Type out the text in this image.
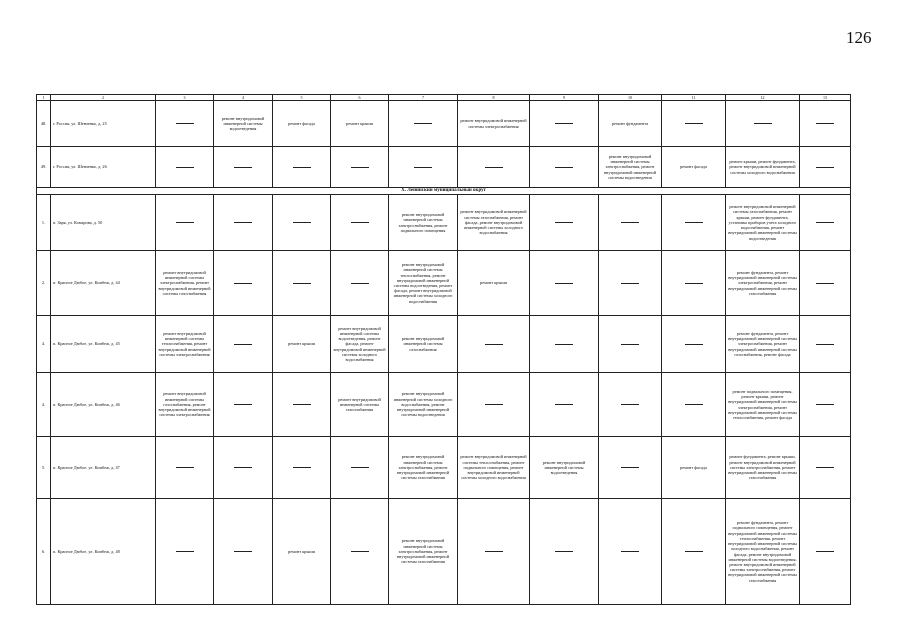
126
1	2	3	4	5	6	7	8	9	10	11	12	13
48.	г. Россия, ул. Шевченко, д. 25		ремонт внутридомовой инженерной системы водоотведения	ремонт фасада	ремонт крыши		ремонт внутридомовой инженерной системы электроснабжения		ремонт фундамента			
49.	г. Россия, ул. Шевченко, д. 26								ремонт внутридомовой инженерной системы электроснабжения, ремонт внутридомовой инженерной системы водоотведения	ремонт фасада	ремонт крыши, ремонт фундамента, ремонт внутридомовой инженерной системы холодного водоснабжения	
X. Ленинский муниципальный округ												
1.	п. Заря, ул. Комарова, д. 50					ремонт внутридомовой инженерной системы электроснабжения, ремонт подвального помещения	ремонт внутридомовой инженерной системы газоснабжения, ремонт фасада, ремонт внутридомовой инженерной системы холодного водоснабжения				ремонт внутридомовой инженерной системы газоснабжения, ремонт крыши, ремонт фундамента, установка приборов учета холодного водоснабжения, ремонт внутридомовой инженерной системы водоотведения	
2.	п. Красное Дюбое, ул. Комбеж, д. 44	ремонт внутридомовой инженерной системы электроснабжения, ремонт внутридомовой инженерной системы газоснабжения				ремонт внутридомовой инженерной системы теплоснабжения, ремонт внутридомовой инженерной системы водоотведения, ремонт фасада, ремонт внутридомовой инженерной системы холодного водоснабжения	ремонт крыши				ремонт фундамента, ремонт внутридомовой инженерной системы электроснабжения, ремонт внутридомовой инженерной системы газоснабжения	
4.	п. Красное Дюбое, ул. Комбеж, д. 45	ремонт внутридомовой инженерной системы теплоснабжения, ремонт внутридомовой инженерной системы электроснабжения		ремонт крыши	ремонт внутридомовой инженерной системы водоотведения, ремонт фасада, ремонт внутридомовой инженерной системы холодного водоснабжения	ремонт внутридомовой инженерной системы газоснабжения					ремонт фундамента, ремонт внутридомовой инженерной системы электроснабжения, ремонт внутридомовой инженерной системы газоснабжения, ремонт фасада	
4.	п. Красное Дюбое, ул. Комбеж, д. 46	ремонт внутридомовой инженерной системы газоснабжения, ремонт внутридомовой инженерной системы электроснабжения			ремонт внутридомовой инженерной системы газоснабжения	ремонт внутридомовой инженерной системы холодного водоснабжения, ремонт внутридомовой инженерной системы водоотведения					ремонт подвального помещения, ремонт крыши, ремонт внутридомовой инженерной системы электроснабжения, ремонт внутридомовой инженерной системы теплоснабжения, ремонт фасада	
5.	п. Красное Дюбое, ул. Комбеж, д. 47					ремонт внутридомовой инженерной системы электроснабжения, ремонт внутридомовой инженерной системы газоснабжения	ремонт внутридомовой инженерной системы теплоснабжения, ремонт подвального помещения, ремонт внутридомовой инженерной системы холодного водоснабжения	ремонт внутридомовой инженерной системы водоотведения		ремонт фасада	ремонт фундамента, ремонт крыши, ремонт внутридомовой инженерной системы электроснабжения, ремонт внутридомовой инженерной системы газоснабжения	
6.	п. Красное Дюбое, ул. Комбеж, д. 48			ремонт крыши		ремонт внутридомовой инженерной системы электроснабжения, ремонт внутридомовой инженерной системы газоснабжения					ремонт фундамента, ремонт подвального помещения, ремонт внутридомовой инженерной системы теплоснабжения, ремонт внутридомовой инженерной системы холодного водоснабжения, ремонт фасада, ремонт внутридомовой инженерной системы водоотведения, ремонт внутридомовой инженерной системы электроснабжения, ремонт внутридомовой инженерной системы газоснабжения	
